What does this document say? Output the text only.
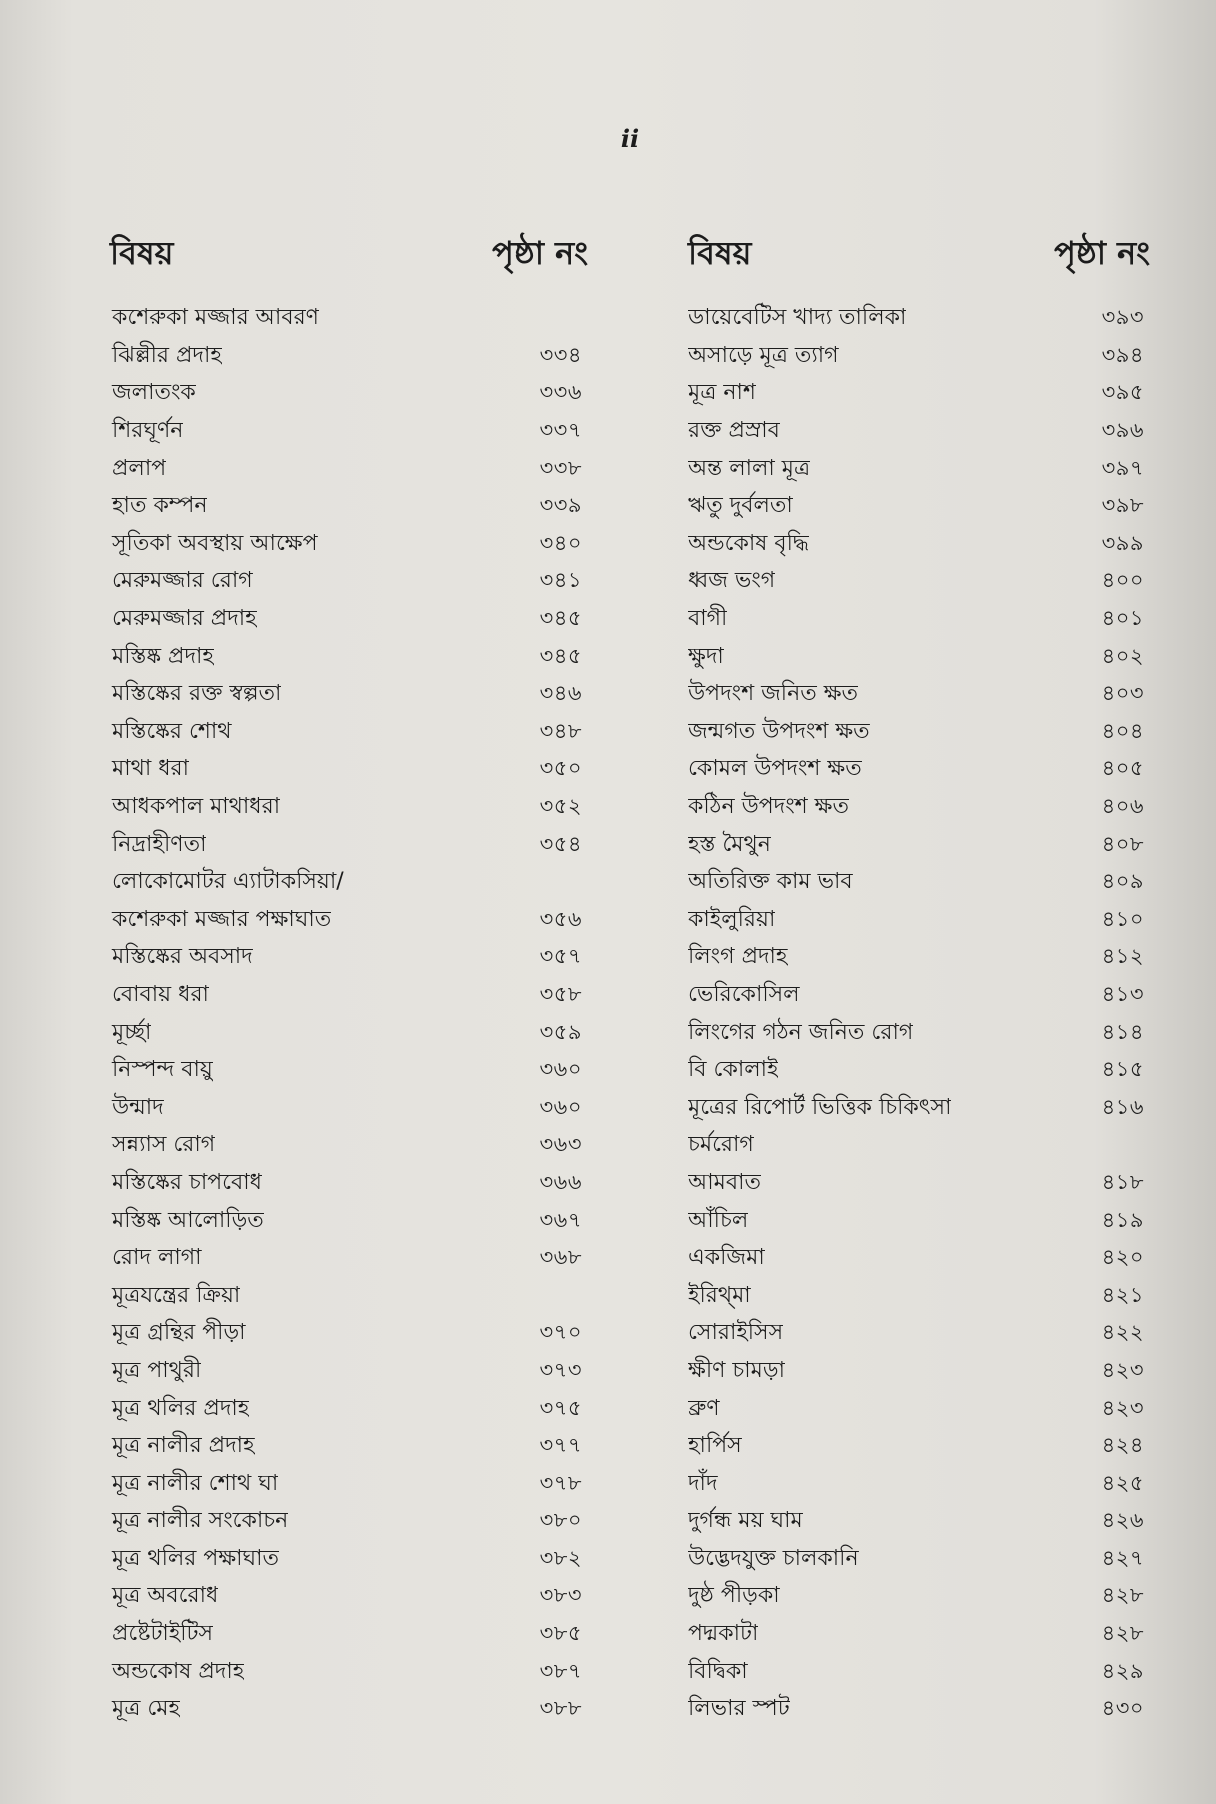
ii
বিষয়	পৃষ্ঠা নং
কশেরুকা মজ্জার আবরণ
ঝিল্লীর প্রদাহ	৩৩৪
জলাতংক	৩৩৬
শিরঘূর্ণন	৩৩৭
প্রলাপ	৩৩৮
হাত কম্পন	৩৩৯
সূতিকা অবস্থায় আক্ষেপ	৩৪০
মেরুমজ্জার রোগ	৩৪১
মেরুমজ্জার প্রদাহ	৩৪৫
মস্তিষ্ক প্রদাহ	৩৪৫
মস্তিষ্কের রক্ত স্বল্পতা	৩৪৬
মস্তিষ্কের শোথ	৩৪৮
মাথা ধরা	৩৫০
আধকপাল মাথাধরা	৩৫২
নিদ্রাহীণতা	৩৫৪
লোকোমোটর এ্যাটাকসিয়া/
কশেরুকা মজ্জার পক্ষাঘাত	৩৫৬
মস্তিষ্কের অবসাদ	৩৫৭
বোবায় ধরা	৩৫৮
মূর্চ্ছা	৩৫৯
নিস্পন্দ বায়ু	৩৬০
উন্মাদ	৩৬০
সন্ন্যাস রোগ	৩৬৩
মস্তিষ্কের চাপবোধ	৩৬৬
মস্তিষ্ক আলোড়িত	৩৬৭
রোদ লাগা	৩৬৮
মূত্রযন্ত্রের ক্রিয়া
মূত্র গ্রন্থির পীড়া	৩৭০
মূত্র পাথুরী	৩৭৩
মূত্র থলির প্রদাহ	৩৭৫
মূত্র নালীর প্রদাহ	৩৭৭
মূত্র নালীর শোথ ঘা	৩৭৮
মূত্র নালীর সংকোচন	৩৮০
মূত্র থলির পক্ষাঘাত	৩৮২
মূত্র অবরোধ	৩৮৩
প্রষ্টেটাইটিস	৩৮৫
অন্ডকোষ প্রদাহ	৩৮৭
মূত্র মেহ	৩৮৮
বিষয়	পৃষ্ঠা নং
ডায়েবেটিস খাদ্য তালিকা	৩৯৩
অসাড়ে মূত্র ত্যাগ	৩৯৪
মূত্র নাশ	৩৯৫
রক্ত প্রস্রাব	৩৯৬
অন্ত লালা মূত্র	৩৯৭
ঋতু দুর্বলতা	৩৯৮
অন্ডকোষ বৃদ্ধি	৩৯৯
ধ্বজ ভংগ	৪০০
বাগী	৪০১
ক্ষুদা	৪০২
উপদংশ জনিত ক্ষত	৪০৩
জন্মগত উপদংশ ক্ষত	৪০৪
কোমল উপদংশ ক্ষত	৪০৫
কঠিন উপদংশ ক্ষত	৪০৬
হস্ত মৈথুন	৪০৮
অতিরিক্ত কাম ভাব	৪০৯
কাইলুরিয়া	৪১০
লিংগ প্রদাহ	৪১২
ভেরিকোসিল	৪১৩
লিংগের গঠন জনিত রোগ	৪১৪
বি কোলাই	৪১৫
মূত্রের রিপোর্ট ভিত্তিক চিকিৎসা	৪১৬
চর্মরোগ
আমবাত	৪১৮
আঁচিল	৪১৯
একজিমা	৪২০
ইরিথ্মা	৪২১
সোরাইসিস	৪২২
ক্ষীণ চামড়া	৪২৩
ব্রুণ	৪২৩
হার্পিস	৪২৪
দাঁদ	৪২৫
দুর্গন্ধ ময় ঘাম	৪২৬
উদ্ভেদযুক্ত চালকানি	৪২৭
দুষ্ঠ পীড়কা	৪২৮
পদ্মকাটা	৪২৮
বিদ্বিকা	৪২৯
লিভার স্পট	৪৩০
